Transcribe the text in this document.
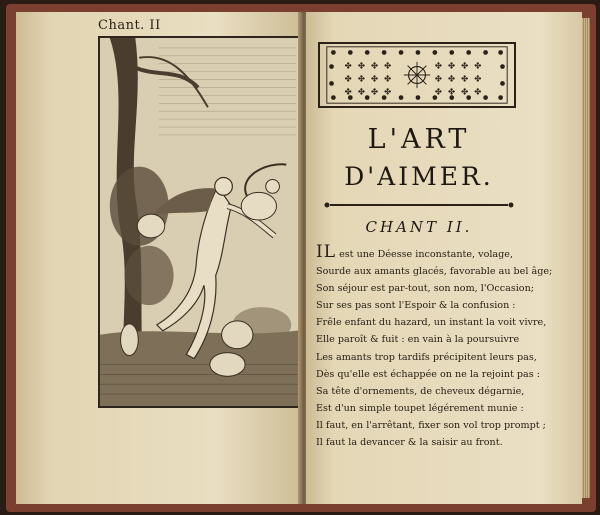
Chant. II
✤ ✤ ✤ ✤
✤ ✤ ✤ ✤
✤ ✤ ✤ ✤
✤ ✤ ✤ ✤
✤ ✤ ✤ ✤
✤ ✤ ✤ ✤
L'ART
D'AIMER.
CHANT II.
IL est une Déesse inconstante, volage,
Sourde aux amants glacés, favorable au bel âge;
Son séjour est par-tout, son nom, l'Occasion;
Sur ses pas sont l'Espoir & la confusion :
Frêle enfant du hazard, un instant la voit vivre,
Elle paroît & fuit : en vain à la poursuivre
Les amants trop tardifs précipitent leurs pas,
Dès qu'elle est échappée on ne la rejoint pas :
Sa tête d'ornements, de cheveux dégarnie,
Est d'un simple toupet légérement munie :
Il faut, en l'arrêtant, fixer son vol trop prompt ;
Il faut la devancer & la saisir au front.
